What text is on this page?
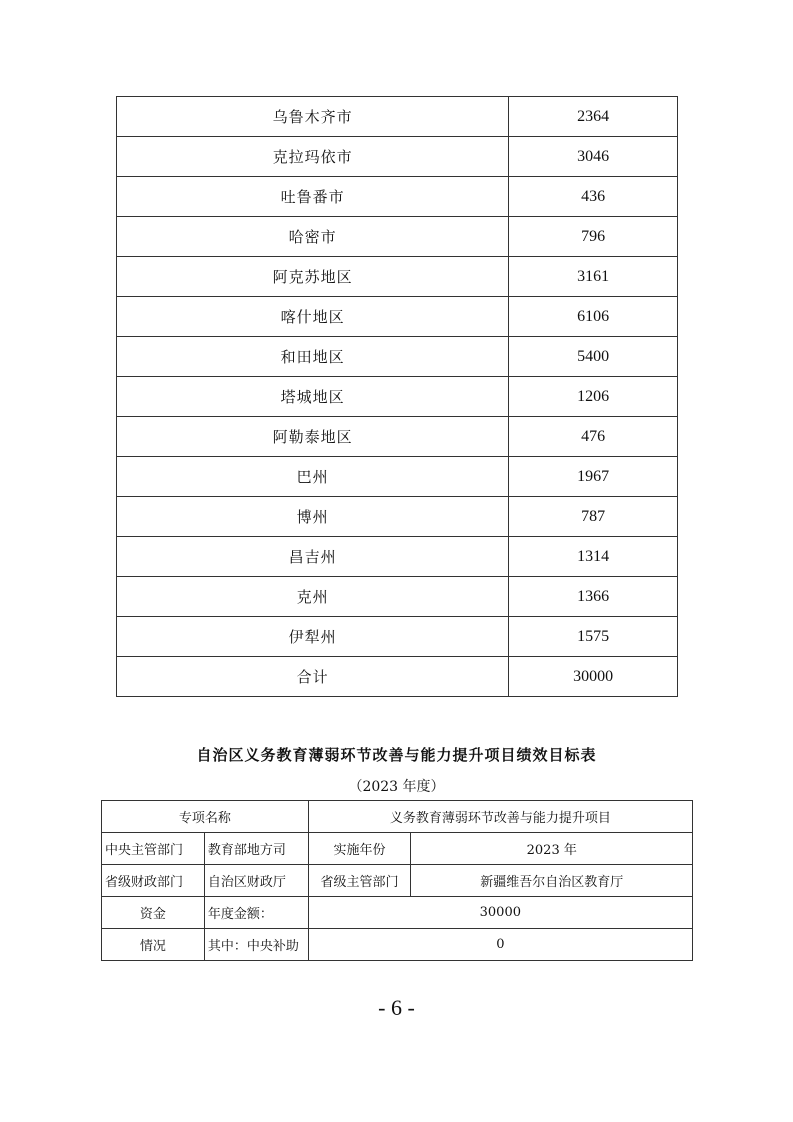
乌鲁木齐市	2364
克拉玛依市	3046
吐鲁番市	436
哈密市	796
阿克苏地区	3161
喀什地区	6106
和田地区	5400
塔城地区	1206
阿勒泰地区	476
巴州	1967
博州	787
昌吉州	1314
克州	1366
伊犁州	1575
合计	30000
自治区义务教育薄弱环节改善与能力提升项目绩效目标表
（2023 年度）
专项名称		义务教育薄弱环节改善与能力提升项目	
中央主管部门	教育部地方司	实施年份	2023 年
省级财政部门	自治区财政厅	省级主管部门	新疆维吾尔自治区教育厅
资金	年度金额：	30000	
情况	其中：中央补助	0	
- 6 -
